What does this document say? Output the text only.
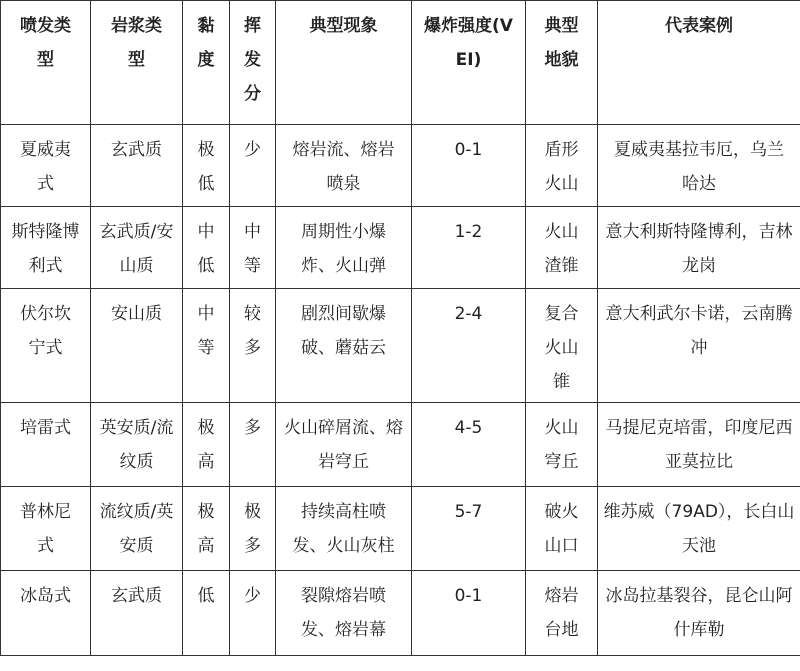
喷发类型	岩浆类型	黏度	挥发分	典型现象	爆炸强度(VEI)	典型地貌	代表案例
夏威夷式	玄武质	极低	少	熔岩流、熔岩喷泉	0-1	盾形火山	夏威夷基拉韦厄，乌兰哈达
斯特隆博利式	玄武质/安山质	中低	中等	周期性小爆炸、火山弹	1-2	火山渣锥	意大利斯特隆博利，吉林龙岗
伏尔坎宁式	安山质	中等	较多	剧烈间歇爆破、蘑菇云	2-4	复合火山锥	意大利武尔卡诺，云南腾冲
培雷式	英安质/流纹质	极高	多	火山碎屑流、熔岩穹丘	4-5	火山穹丘	马提尼克培雷，印度尼西亚莫拉比
普林尼式	流纹质/英安质	极高	极多	持续高柱喷发、火山灰柱	5-7	破火山口	维苏威（79AD），长白山天池
冰岛式	玄武质	低	少	裂隙熔岩喷发、熔岩幕	0-1	熔岩台地	冰岛拉基裂谷，昆仑山阿什库勒
